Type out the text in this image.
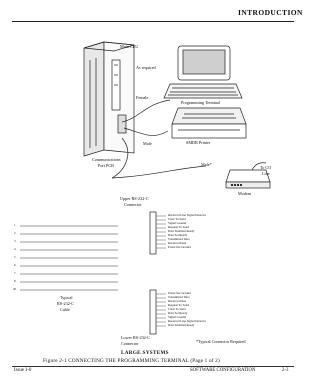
INTRODUCTION
Main CEU
As required
Female
Programming Terminal
Male	SMDR Printer
Communications
Port PCB	Male*
To CO
Line
Modem
Upper RS-232-C
Connector
Lower RS-232-C
Connector
Typical
RS-232-C
Cable
1
2
3
4
5
6
7
8
20
Received Line Signal Detector
Clear To Send
Signal Ground
Request To Send
Data Terminal Ready
Data Set Ready
Transmitted Data
Received Data
Protective Ground
Protective Ground
Transmitted Data
Received Data
Request To Send
Clear To Send
Data Set Ready
Signal Ground
Received Line Signal Detector
Data Terminal Ready
*Typical Connector Required
LARGE SYSTEMS
Figure 2-1 CONNECTING THE PROGRAMMING TERMINAL (Page 1 of 2)
Issue 1-0	SOFTWARE CONFIGURATION	2-3
